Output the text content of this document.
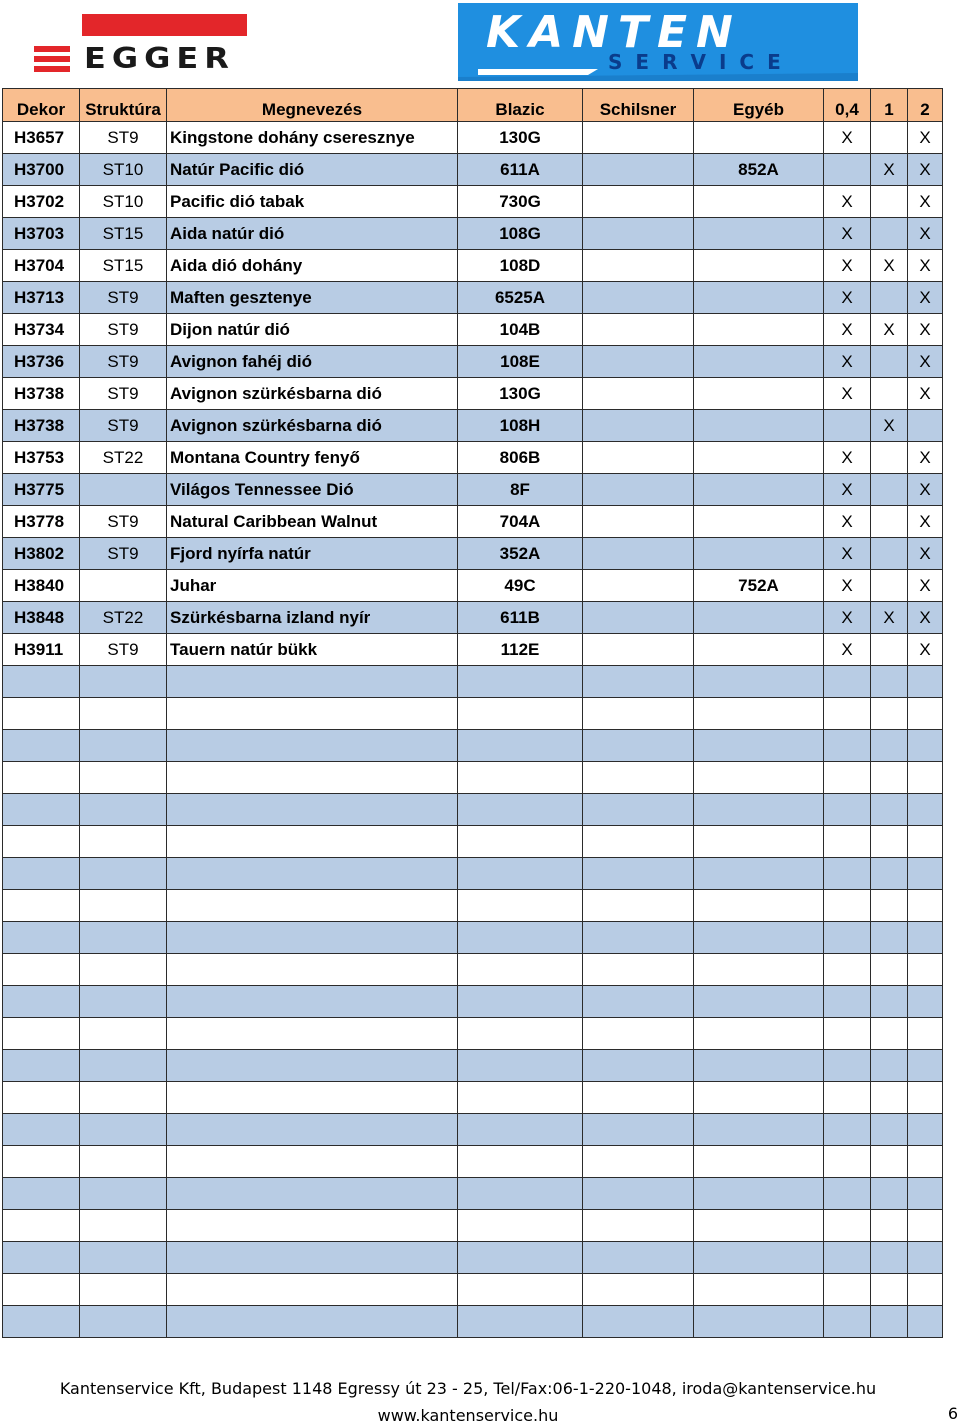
EGGER	KANTEN
SERVICE
Dekor	Struktúra	Megnevezés	Blazic	Schilsner	Egyéb	0,4	1	2
H3657	ST9	Kingstone dohány cseresznye	130G			X		X
H3700	ST10	Natúr Pacific dió	611A		852A		X	X
H3702	ST10	Pacific dió tabak	730G			X		X
H3703	ST15	Aida natúr dió	108G			X		X
H3704	ST15	Aida dió dohány	108D			X	X	X
H3713	ST9	Maften gesztenye	6525A			X		X
H3734	ST9	Dijon natúr dió	104B			X	X	X
H3736	ST9	Avignon fahéj dió	108E			X		X
H3738	ST9	Avignon szürkésbarna dió	130G			X		X
H3738	ST9	Avignon szürkésbarna dió	108H				X	
H3753	ST22	Montana Country fenyő	806B			X		X
H3775		Világos Tennessee Dió	8F			X		X
H3778	ST9	Natural Caribbean Walnut	704A			X		X
H3802	ST9	Fjord nyírfa natúr	352A			X		X
H3840		Juhar	49C		752A	X		X
H3848	ST22	Szürkésbarna izland nyír	611B			X	X	X
H3911	ST9	Tauern natúr bükk	112E			X		X

Kantenservice Kft, Budapest 1148 Egressy út 23 - 25, Tel/Fax:06-1-220-1048, iroda@kantenservice.hu
www.kantenservice.hu	6
